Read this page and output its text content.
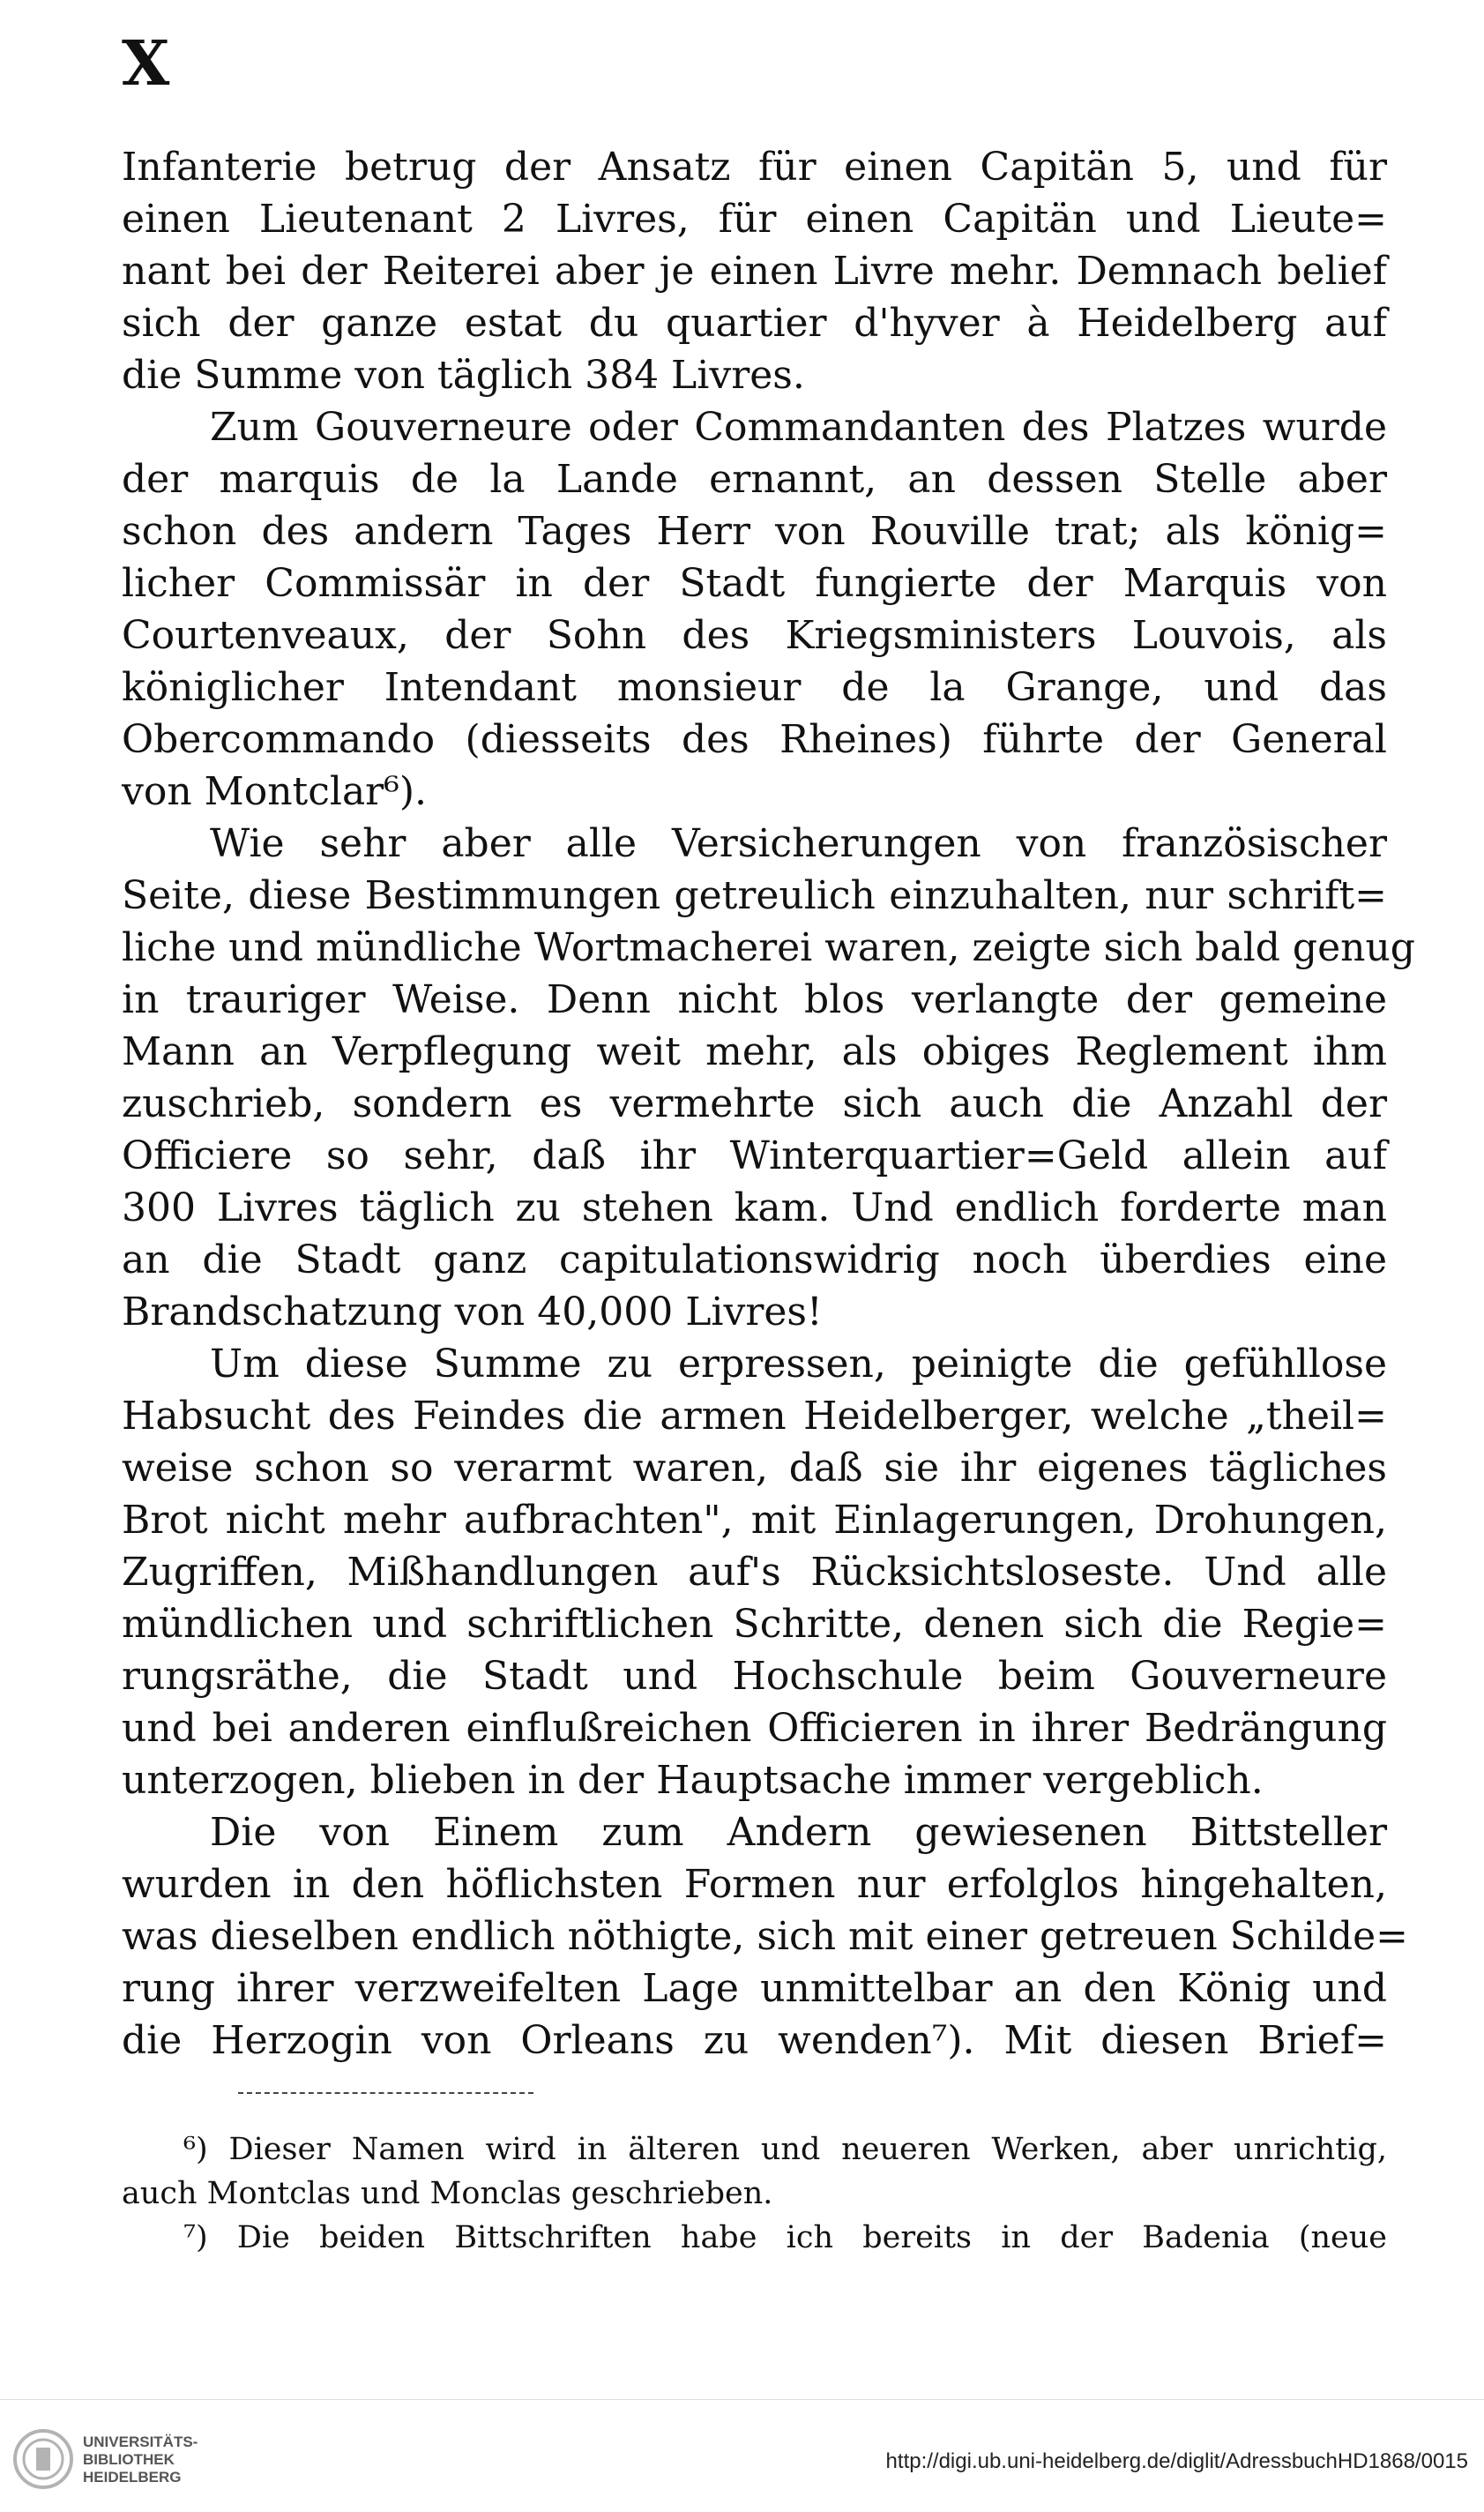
X
Infanterie betrug der Ansatz für einen Capitän 5, und für
einen Lieutenant 2 Livres, für einen Capitän und Lieute=
nant bei der Reiterei aber je einen Livre mehr. Demnach belief
sich der ganze estat du quartier d'hyver à Heidelberg auf
die Summe von täglich 384 Livres.
Zum Gouverneure oder Commandanten des Platzes wurde
der marquis de la Lande ernannt, an dessen Stelle aber
schon des andern Tages Herr von Rouville trat; als könig=
licher Commissär in der Stadt fungierte der Marquis von
Courtenveaux, der Sohn des Kriegsministers Louvois, als
königlicher Intendant monsieur de la Grange, und das
Obercommando (diesseits des Rheines) führte der General
von Montclar⁶).
Wie sehr aber alle Versicherungen von französischer
Seite, diese Bestimmungen getreulich einzuhalten, nur schrift=
liche und mündliche Wortmacherei waren, zeigte sich bald genug
in trauriger Weise. Denn nicht blos verlangte der gemeine
Mann an Verpflegung weit mehr, als obiges Reglement ihm
zuschrieb, sondern es vermehrte sich auch die Anzahl der
Officiere so sehr, daß ihr Winterquartier=Geld allein auf
300 Livres täglich zu stehen kam. Und endlich forderte man
an die Stadt ganz capitulationswidrig noch überdies eine
Brandschatzung von 40,000 Livres!
Um diese Summe zu erpressen, peinigte die gefühllose
Habsucht des Feindes die armen Heidelberger, welche „theil=
weise schon so verarmt waren, daß sie ihr eigenes tägliches
Brot nicht mehr aufbrachten", mit Einlagerungen, Drohungen,
Zugriffen, Mißhandlungen auf's Rücksichtsloseste. Und alle
mündlichen und schriftlichen Schritte, denen sich die Regie=
rungsräthe, die Stadt und Hochschule beim Gouverneure
und bei anderen einflußreichen Officieren in ihrer Bedrängung
unterzogen, blieben in der Hauptsache immer vergeblich.
Die von Einem zum Andern gewiesenen Bittsteller
wurden in den höflichsten Formen nur erfolglos hingehalten,
was dieselben endlich nöthigte, sich mit einer getreuen Schilde=
rung ihrer verzweifelten Lage unmittelbar an den König und
die Herzogin von Orleans zu wenden⁷). Mit diesen Brief=
⁶) Dieser Namen wird in älteren und neueren Werken, aber unrichtig,
auch Montclas und Monclas geschrieben.
⁷) Die beiden Bittschriften habe ich bereits in der Badenia (neue
UNIVERSITÄTS-
BIBLIOTHEK
HEIDELBERG
http://digi.ub.uni-heidelberg.de/diglit/AdressbuchHD1868/0015
